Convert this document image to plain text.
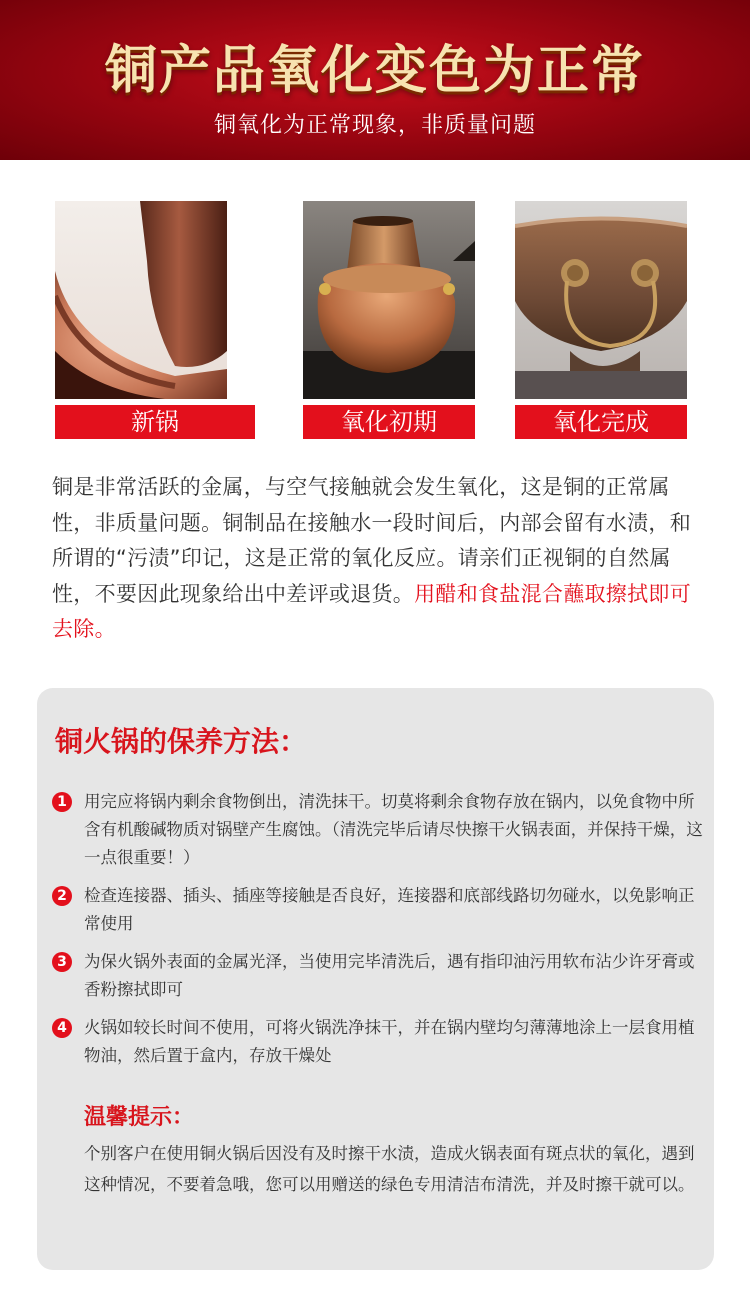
铜产品氧化变色为正常
铜氧化为正常现象，非质量问题
新锅	氧化初期	氧化完成
铜是非常活跃的金属，与空气接触就会发生氧化，这是铜的正常属性，非质量问题。铜制品在接触水一段时间后，内部会留有水渍，和所谓的“污渍”印记，这是正常的氧化反应。请亲们正视铜的自然属性，不要因此现象给出中差评或退货。用醋和食盐混合蘸取擦拭即可去除。
铜火锅的保养方法：
1	用完应将锅内剩余食物倒出，清洗抹干。切莫将剩余食物存放在锅内，以免食物中所含有机酸碱物质对锅壁产生腐蚀。（清洗完毕后请尽快擦干火锅表面，并保持干燥，这一点很重要！）
2	检查连接器、插头、插座等接触是否良好，连接器和底部线路切勿碰水，以免影响正常使用
3	为保火锅外表面的金属光泽，当使用完毕清洗后，遇有指印油污用软布沾少许牙膏或香粉擦拭即可
4	火锅如较长时间不使用，可将火锅洗净抹干，并在锅内壁均匀薄薄地涂上一层食用植物油，然后置于盒内，存放干燥处
温馨提示：
个别客户在使用铜火锅后因没有及时擦干水渍，造成火锅表面有斑点状的氧化，遇到这种情况，不要着急哦，您可以用赠送的绿色专用清洁布清洗，并及时擦干就可以。
